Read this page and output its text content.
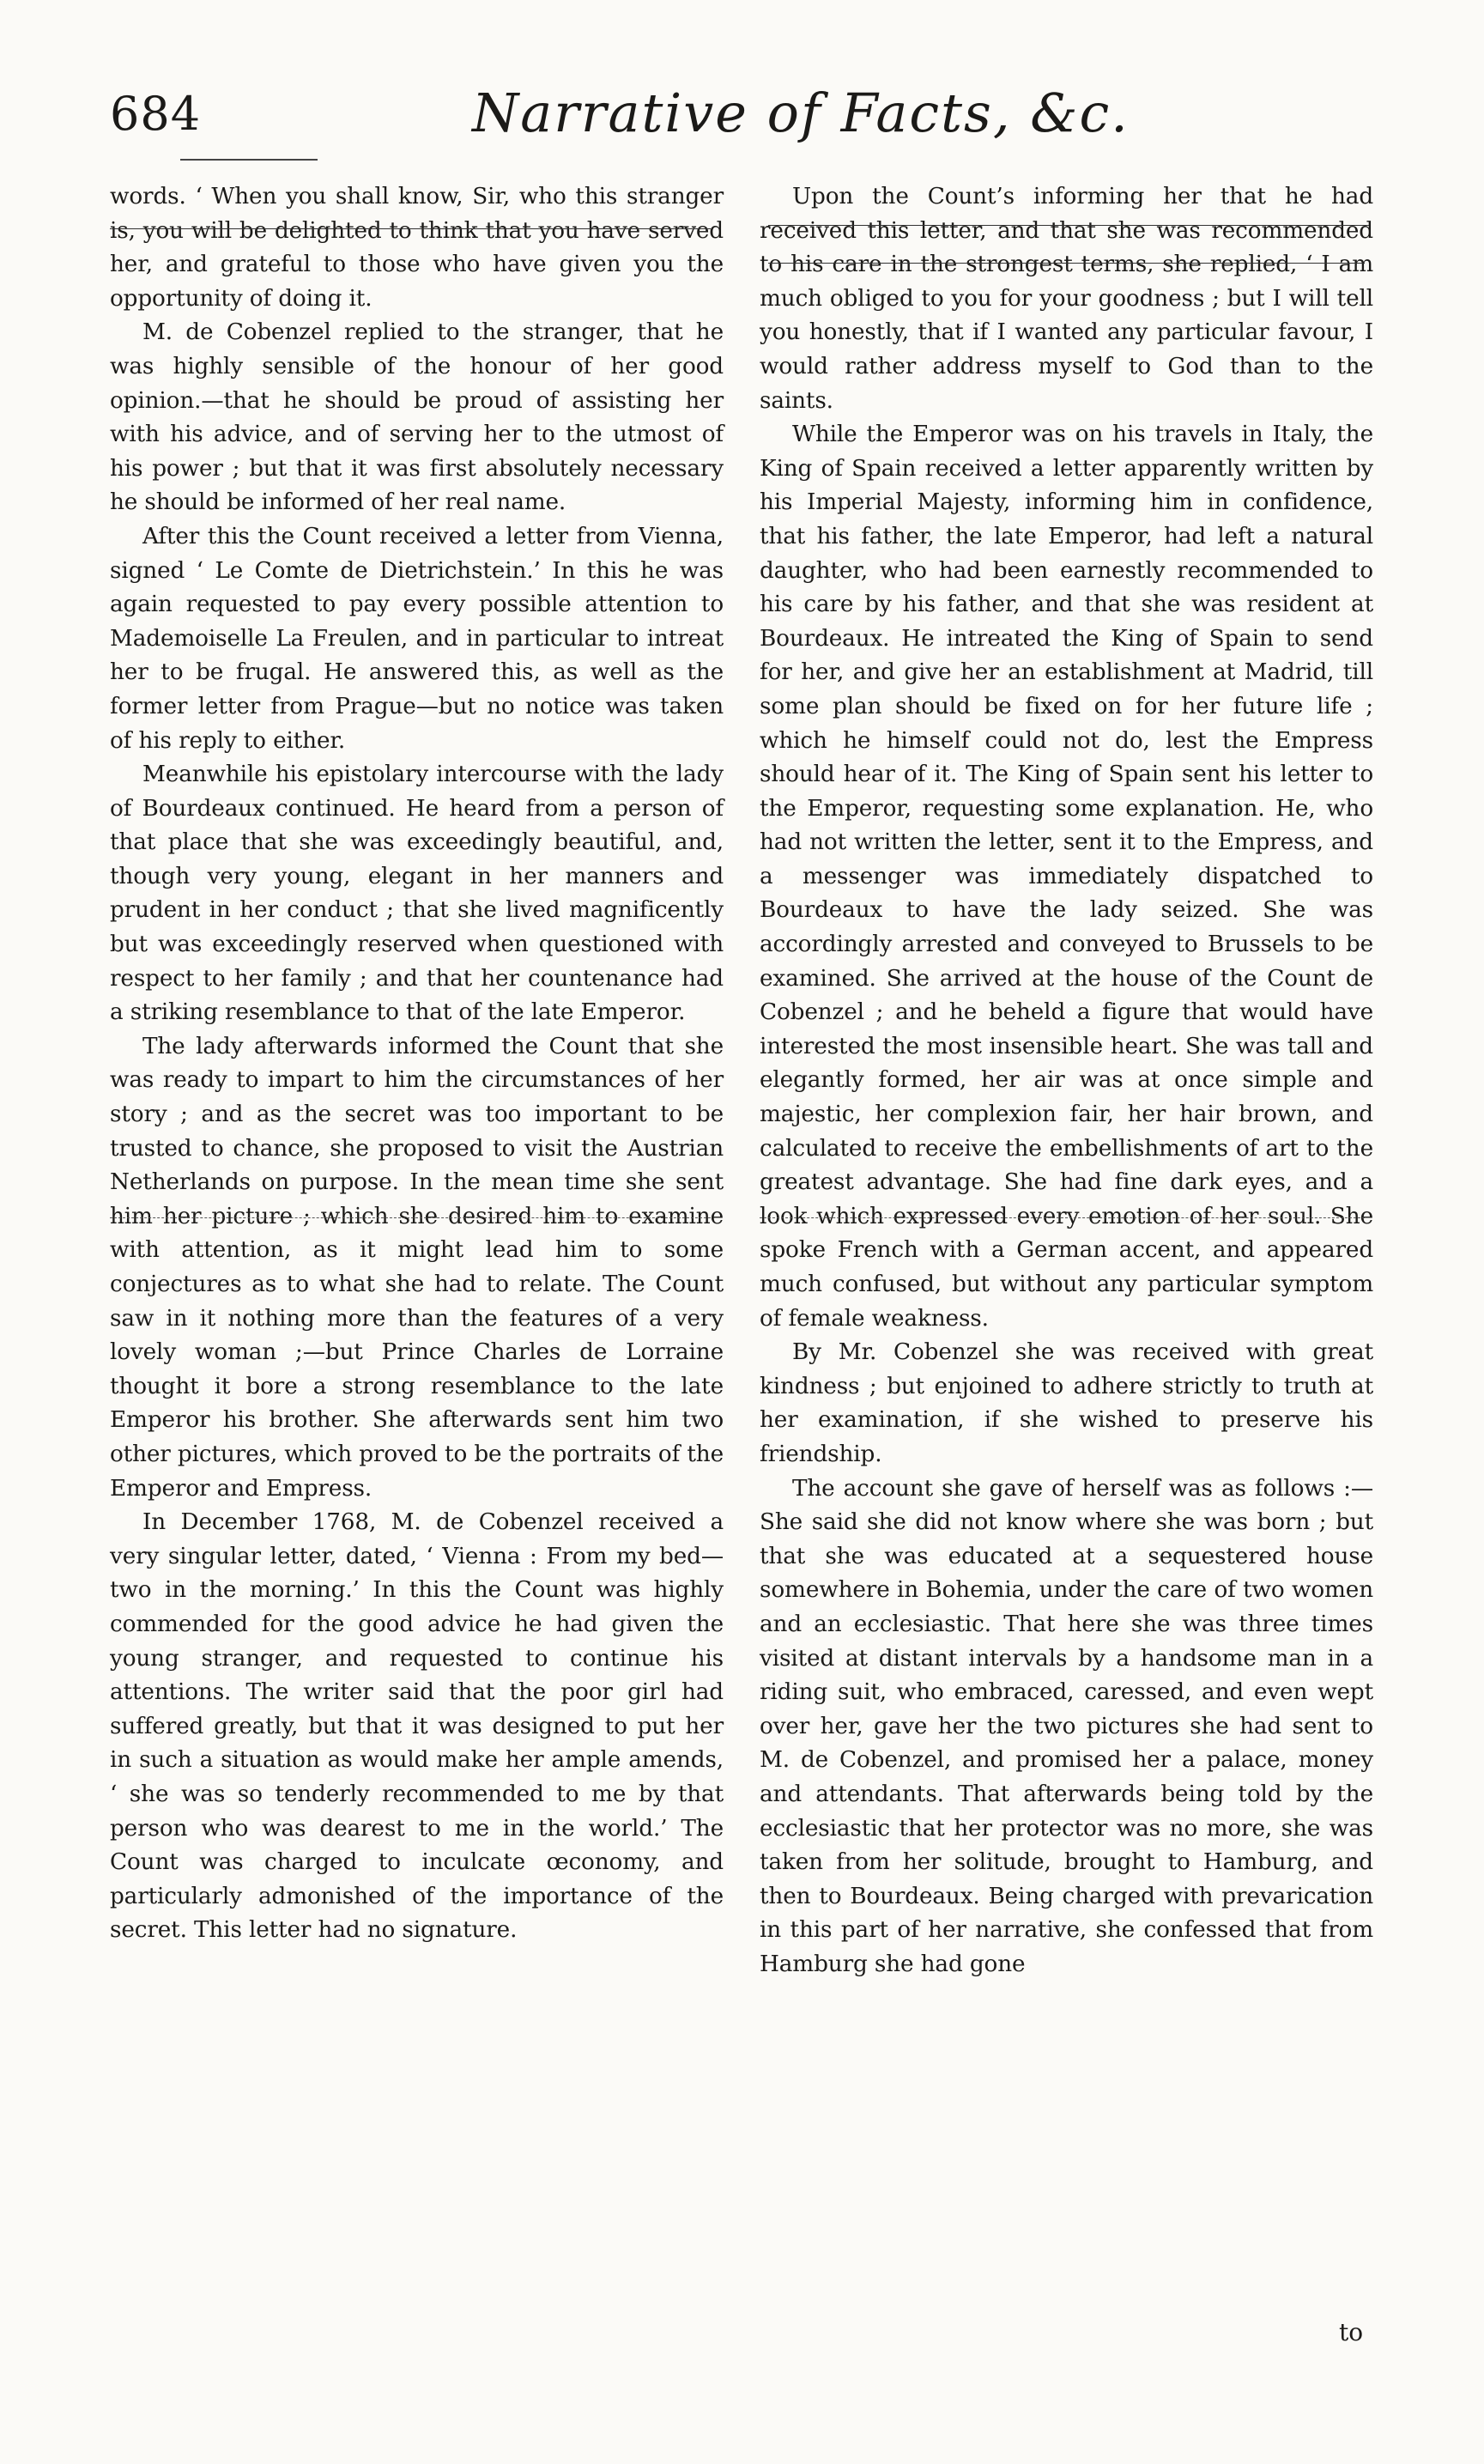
684	Narrative of Facts, &c.

words. ‘ When you shall know, Sir, who this stranger is, you will be delighted to think that you have served her, and grateful to those who have given you the opportunity of doing it.

M. de Cobenzel replied to the stranger, that he was highly sensible of the honour of her good opinion.—that he should be proud of assisting her with his advice, and of serving her to the utmost of his power ; but that it was first absolutely necessary he should be informed of her real name.

After this the Count received a letter from Vienna, signed ‘ Le Comte de Dietrichstein.’ In this he was again requested to pay every possible attention to Mademoiselle La Freulen, and in particular to intreat her to be frugal. He answered this, as well as the former letter from Prague—but no notice was taken of his reply to either.

Meanwhile his epistolary intercourse with the lady of Bourdeaux continued. He heard from a person of that place that she was exceedingly beautiful, and, though very young, elegant in her manners and prudent in her conduct ; that she lived magnificently but was exceedingly reserved when questioned with respect to her family ; and that her countenance had a striking resemblance to that of the late Emperor.

The lady afterwards informed the Count that she was ready to impart to him the circumstances of her story ; and as the secret was too important to be trusted to chance, she proposed to visit the Austrian Netherlands on purpose. In the mean time she sent him her picture ; which she desired him to examine with attention, as it might lead him to some conjectures as to what she had to relate. The Count saw in it nothing more than the features of a very lovely woman ;—but Prince Charles de Lorraine thought it bore a strong resemblance to the late Emperor his brother. She afterwards sent him two other pictures, which proved to be the portraits of the Emperor and Empress.

In December 1768, M. de Cobenzel received a very singular letter, dated, ‘ Vienna : From my bed—two in the morning.’ In this the Count was highly commended for the good advice he had given the young stranger, and requested to continue his attentions. The writer said that the poor girl had suffered greatly, but that it was designed to put her in such a situation as would make her ample amends, ‘ she was so tenderly recommended to me by that person who was dearest to me in the world.’ The Count was charged to inculcate œconomy, and particularly admonished of the importance of the secret. This letter had no signature.

Upon the Count’s informing her that he had received this letter, and that she was recommended to his care in the strongest terms, she replied, ‘ I am much obliged to you for your goodness ; but I will tell you honestly, that if I wanted any particular favour, I would rather address myself to God than to the saints.

While the Emperor was on his travels in Italy, the King of Spain received a letter apparently written by his Imperial Majesty, informing him in confidence, that his father, the late Emperor, had left a natural daughter, who had been earnestly recommended to his care by his father, and that she was resident at Bourdeaux. He intreated the King of Spain to send for her, and give her an establishment at Madrid, till some plan should be fixed on for her future life ; which he himself could not do, lest the Empress should hear of it. The King of Spain sent his letter to the Emperor, requesting some explanation. He, who had not written the letter, sent it to the Empress, and a messenger was immediately dispatched to Bourdeaux to have the lady seized. She was accordingly arrested and conveyed to Brussels to be examined. She arrived at the house of the Count de Cobenzel ; and he beheld a figure that would have interested the most insensible heart. She was tall and elegantly formed, her air was at once simple and majestic, her complexion fair, her hair brown, and calculated to receive the embellishments of art to the greatest advantage. She had fine dark eyes, and a look which expressed every emotion of her soul. She spoke French with a German accent, and appeared much confused, but without any particular symptom of female weakness.

By Mr. Cobenzel she was received with great kindness ; but enjoined to adhere strictly to truth at her examination, if she wished to preserve his friendship.

The account she gave of herself was as follows :—She said she did not know where she was born ; but that she was educated at a sequestered house somewhere in Bohemia, under the care of two women and an ecclesiastic. That here she was three times visited at distant intervals by a handsome man in a riding suit, who embraced, caressed, and even wept over her, gave her the two pictures she had sent to M. de Cobenzel, and promised her a palace, money and attendants. That afterwards being told by the ecclesiastic that her protector was no more, she was taken from her solitude, brought to Hamburg, and then to Bourdeaux. Being charged with prevarication in this part of her narrative, she confessed that from Hamburg she had gone

to
